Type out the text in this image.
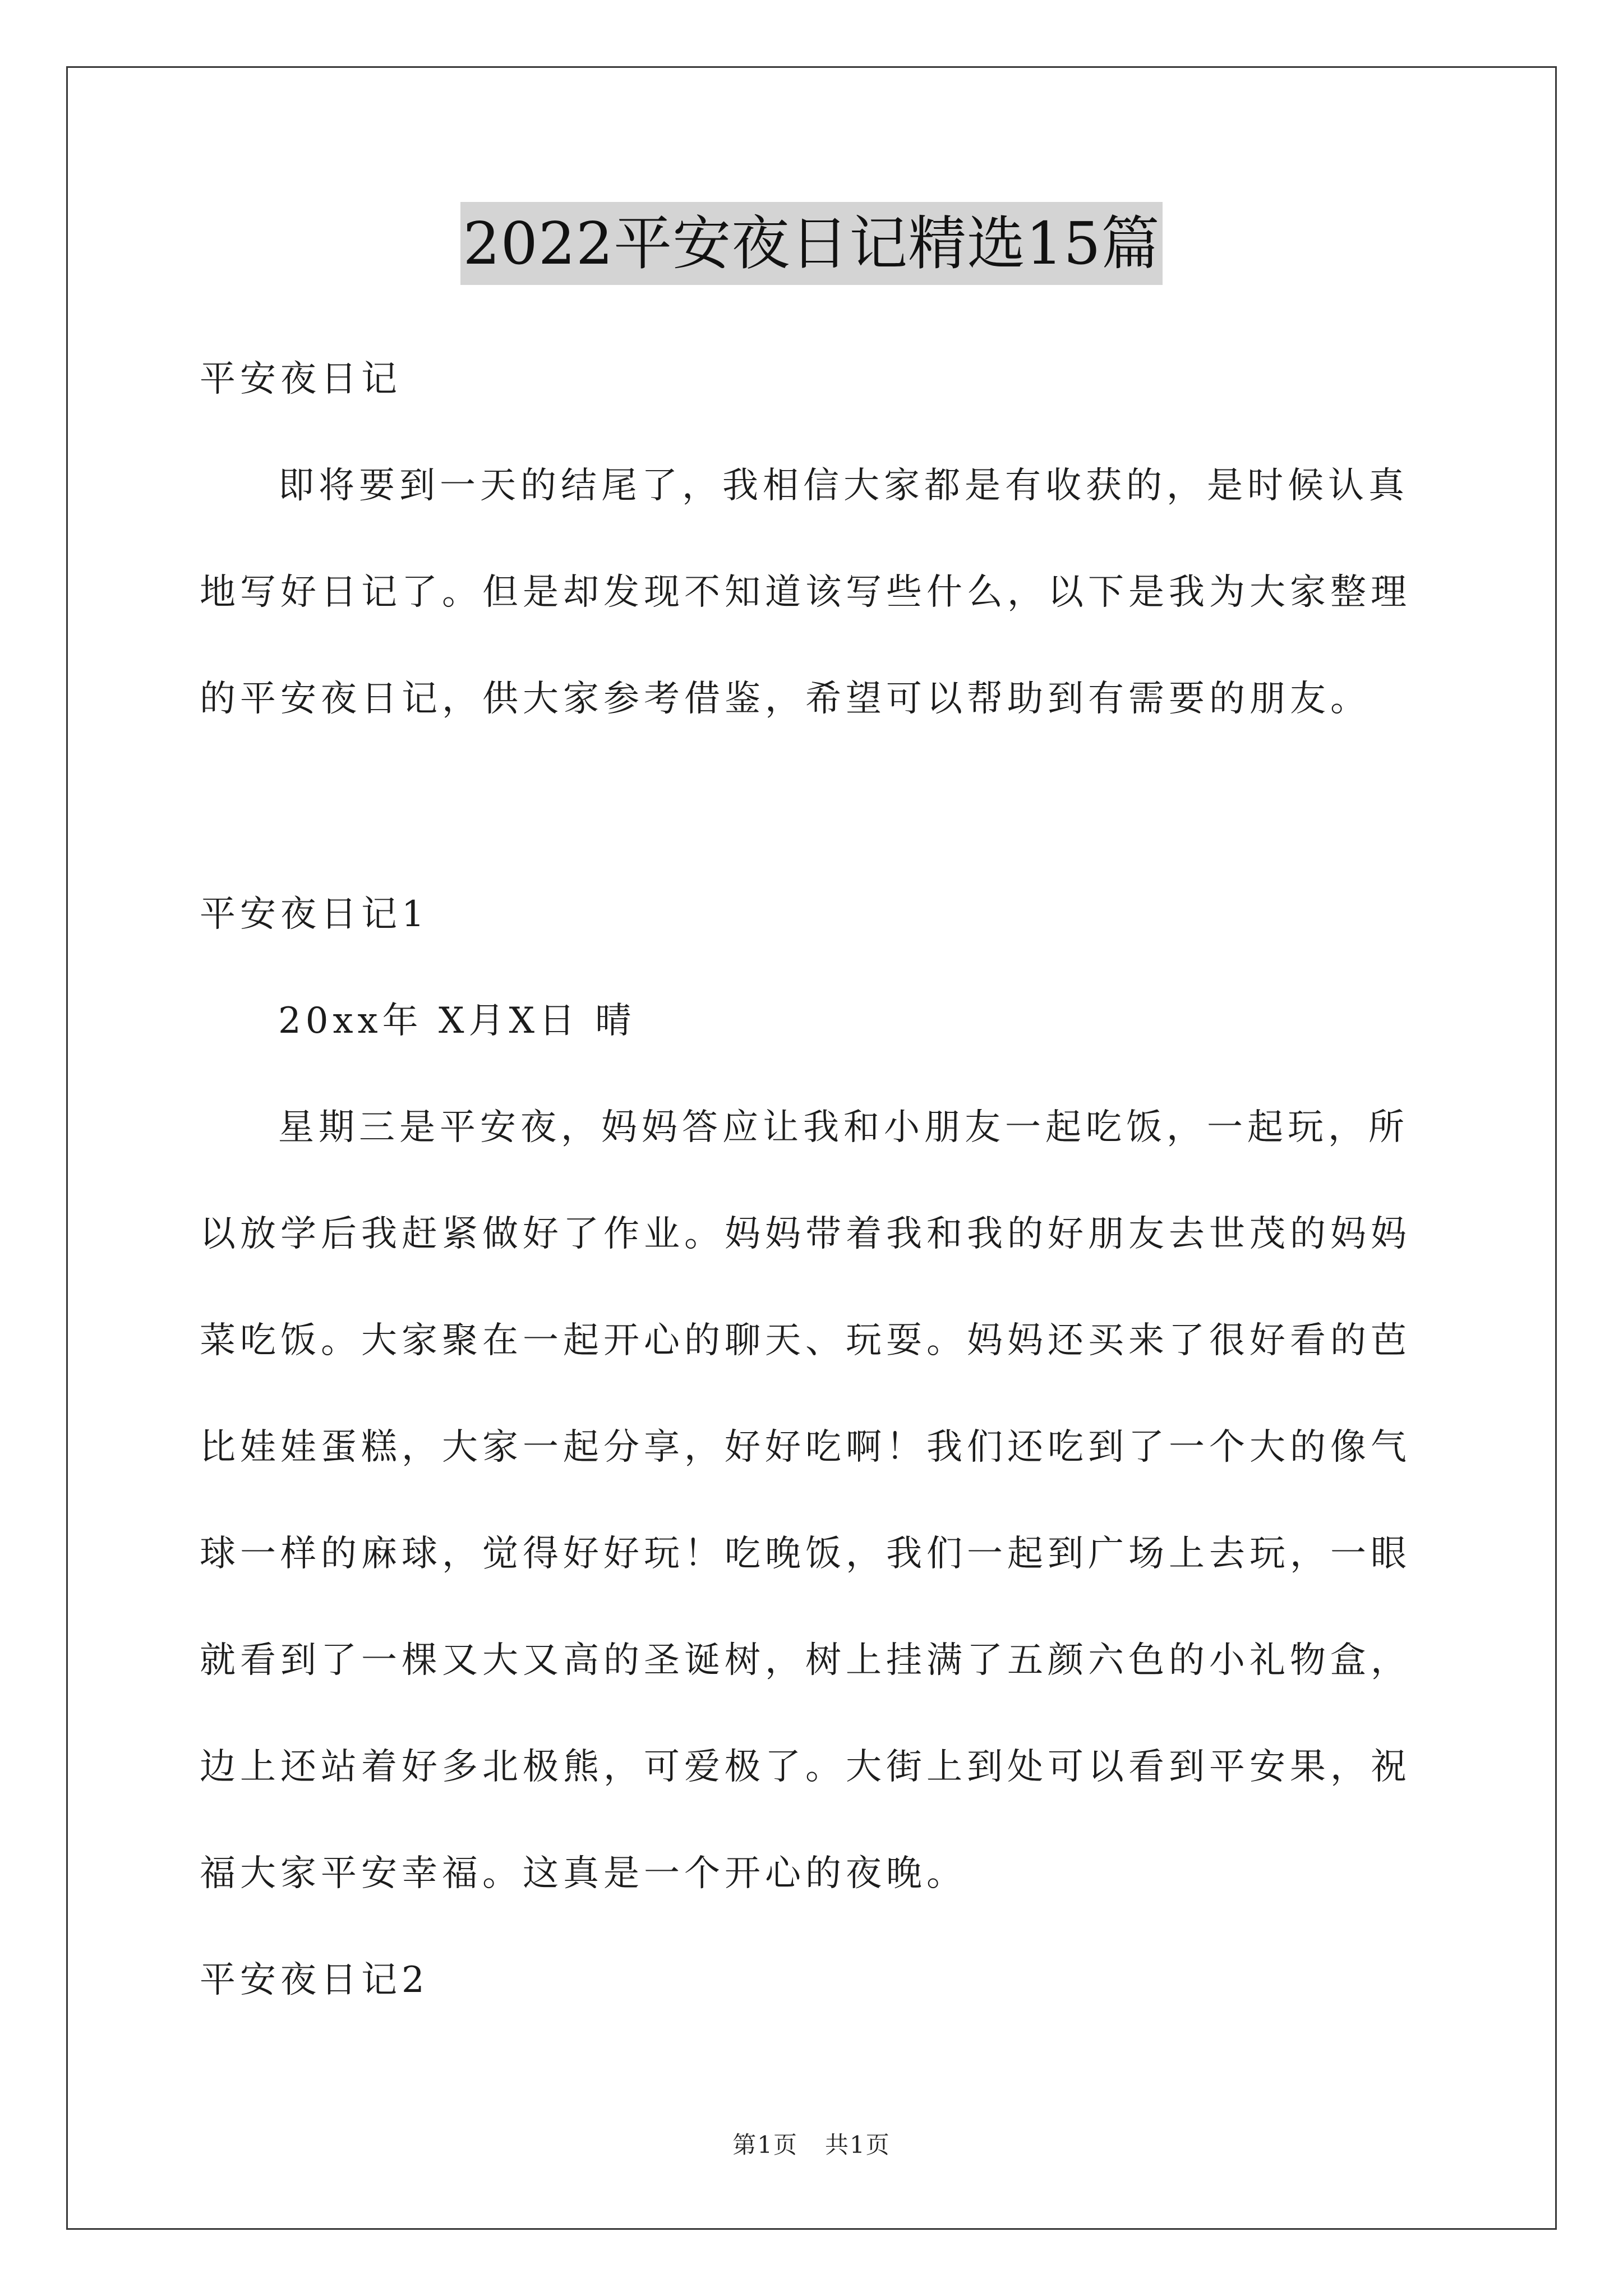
2022平安夜日记精选15篇
平安夜日记
即将要到一天的结尾了，我相信大家都是有收获的，是时候认真
地写好日记了。但是却发现不知道该写些什么，以下是我为大家整理
的平安夜日记，供大家参考借鉴，希望可以帮助到有需要的朋友。
平安夜日记1
20xx年 X月X日 晴
星期三是平安夜，妈妈答应让我和小朋友一起吃饭，一起玩，所
以放学后我赶紧做好了作业。妈妈带着我和我的好朋友去世茂的妈妈
菜吃饭。大家聚在一起开心的聊天、玩耍。妈妈还买来了很好看的芭
比娃娃蛋糕，大家一起分享，好好吃啊！我们还吃到了一个大的像气
球一样的麻球，觉得好好玩！吃晚饭，我们一起到广场上去玩，一眼
就看到了一棵又大又高的圣诞树，树上挂满了五颜六色的小礼物盒，
边上还站着好多北极熊，可爱极了。大街上到处可以看到平安果，祝
福大家平安幸福。这真是一个开心的夜晚。
平安夜日记2
第1页 共1页
